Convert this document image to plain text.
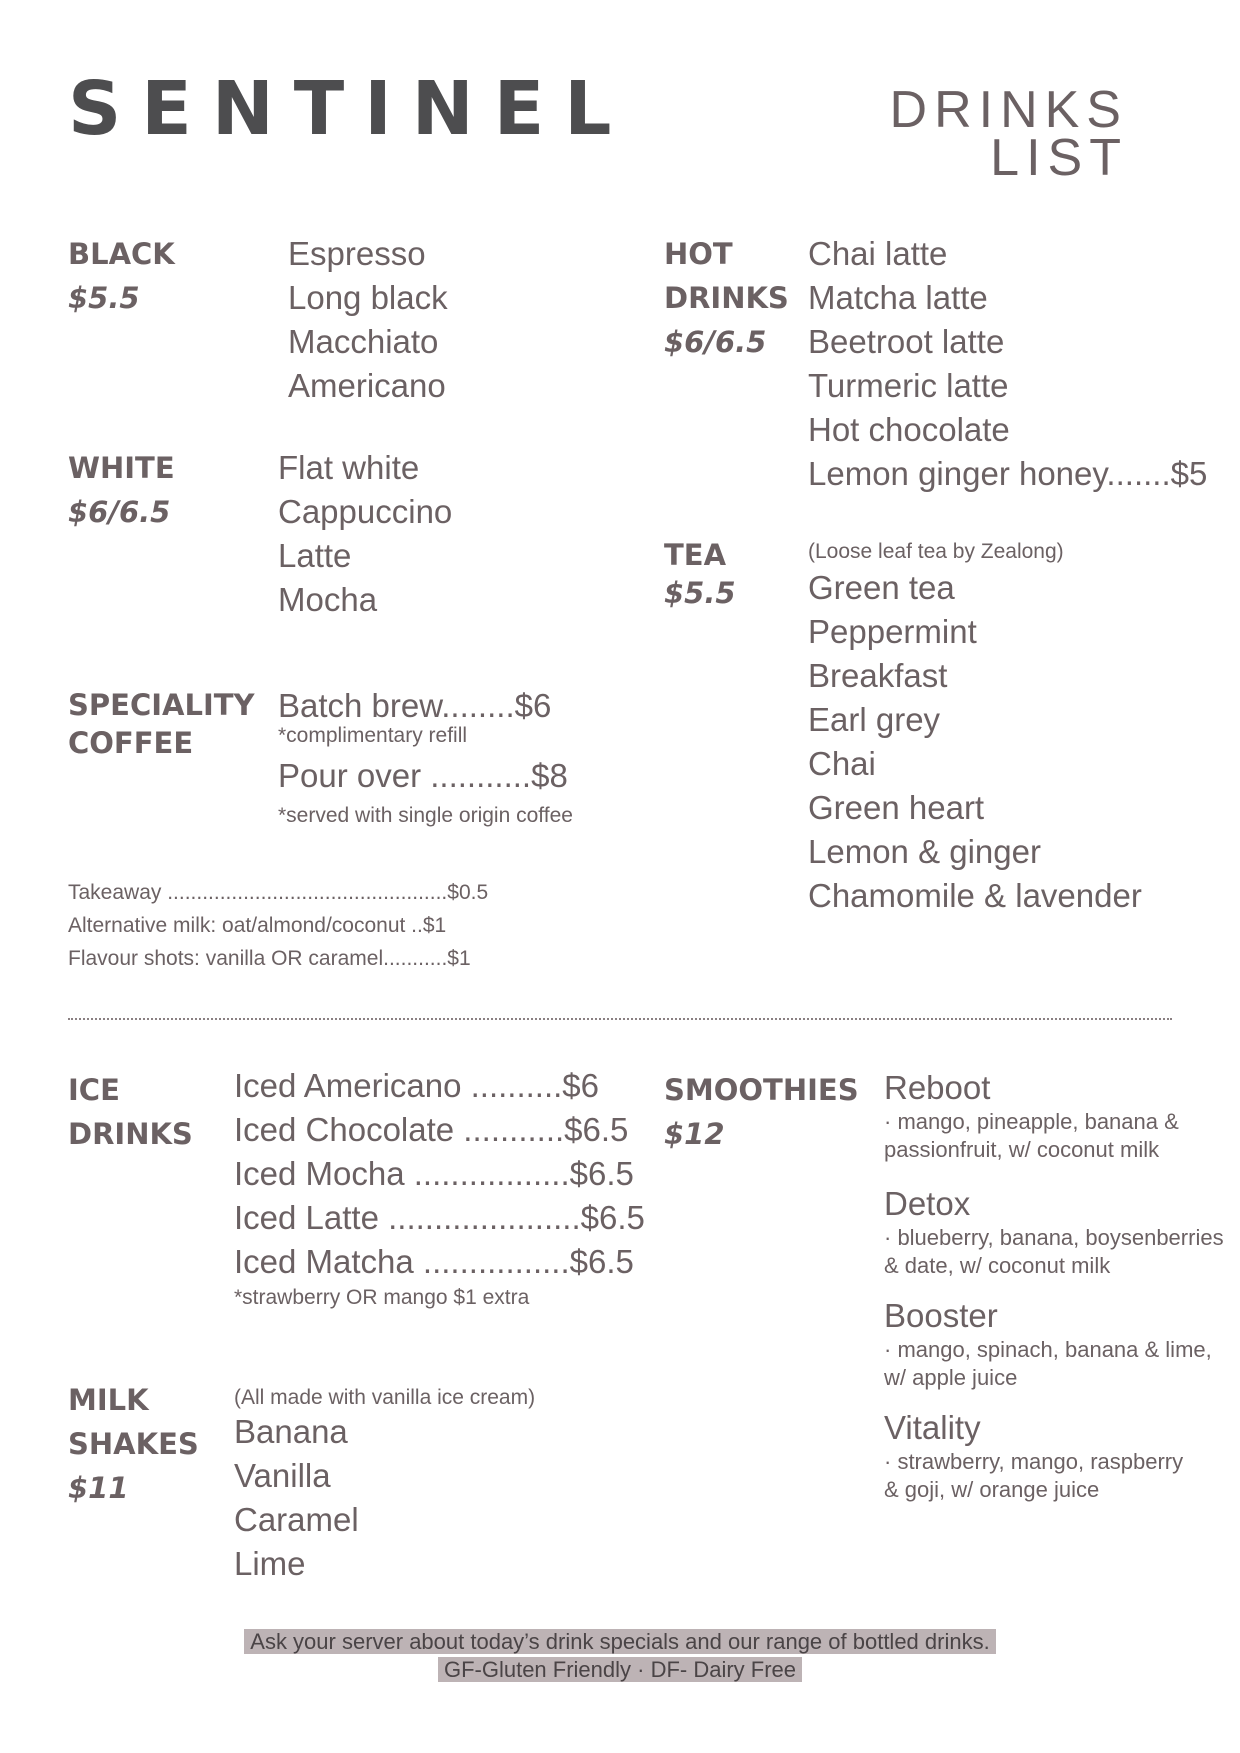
SENTINEL	DRINKS
LIST
BLACK
$5.5
Espresso
Long black
Macchiato
Americano
WHITE
$6/6.5
Flat white
Cappuccino
Latte
Mocha
SPECIALITY
COFFEE
Batch brew........$6
*complimentary refill
Pour over ...........$8
*served with single origin coffee
Takeaway ................................................$0.5
Alternative milk: oat/almond/coconut ..$1
Flavour shots: vanilla OR caramel...........$1
HOT
DRINKS
$6/6.5
Chai latte
Matcha latte
Beetroot latte
Turmeric latte
Hot chocolate
Lemon ginger honey.......$5
TEA
$5.5
(Loose leaf tea by Zealong)
Green tea
Peppermint
Breakfast
Earl grey
Chai
Green heart
Lemon & ginger
Chamomile & lavender
ICE
DRINKS
Iced Americano ..........$6
Iced Chocolate ...........$6.5
Iced Mocha .................$6.5
Iced Latte .....................$6.5
Iced Matcha ................$6.5
*strawberry OR mango $1 extra
MILK
SHAKES
$11
(All made with vanilla ice cream)
Banana
Vanilla
Caramel
Lime
SMOOTHIES
$12
Reboot
· mango, pineapple, banana &
passionfruit, w/ coconut milk
Detox
· blueberry, banana, boysenberries
& date, w/ coconut milk
Booster
· mango, spinach, banana & lime,
w/ apple juice
Vitality
· strawberry, mango, raspberry
& goji, w/ orange juice
Ask your server about today’s drink specials and our range of bottled drinks.
GF-Gluten Friendly · DF- Dairy Free
